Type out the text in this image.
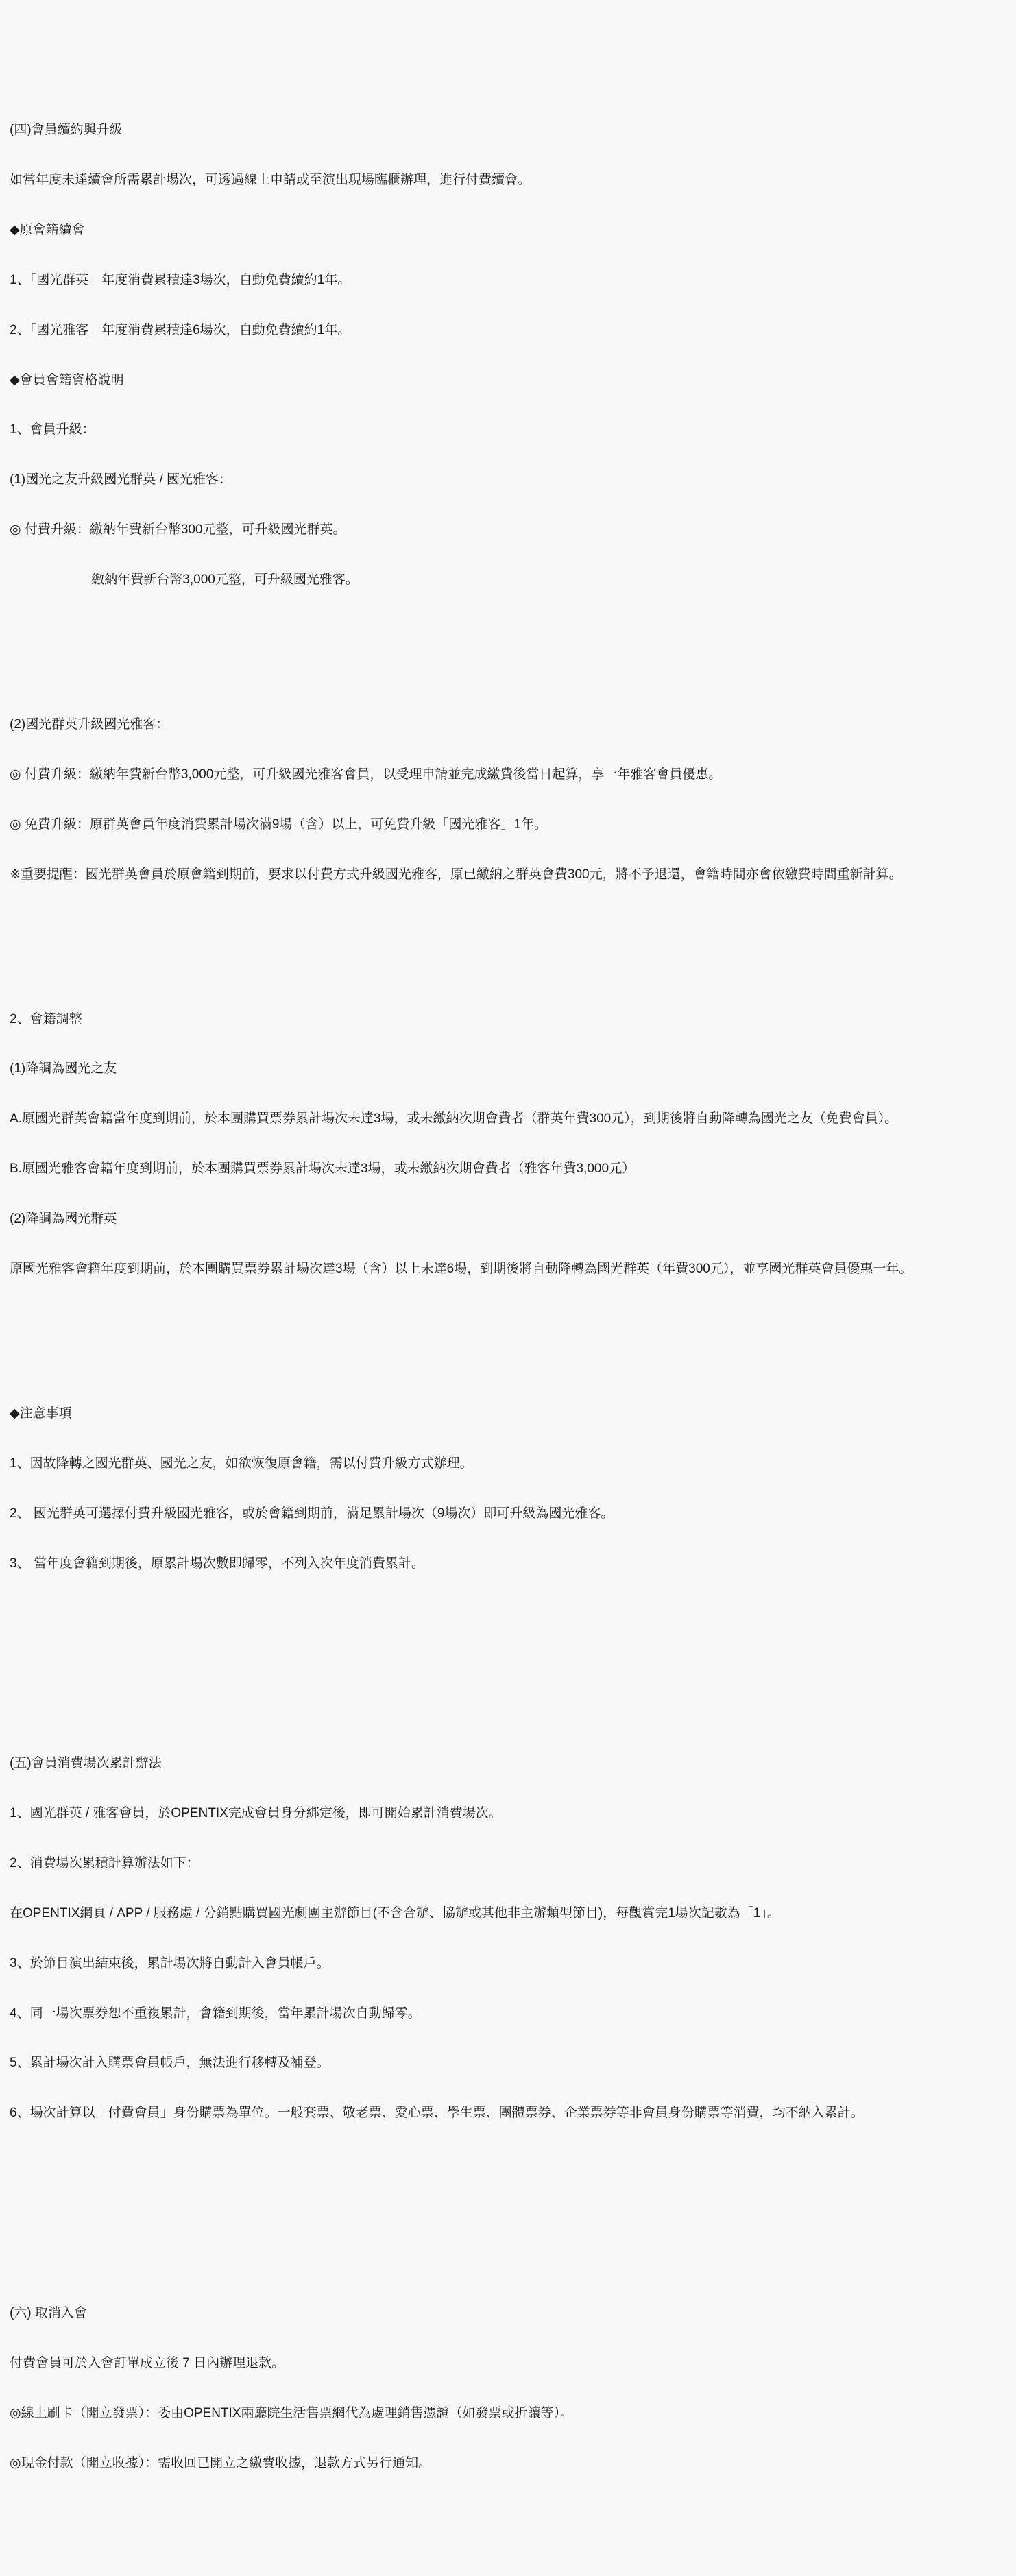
(四)會員續約與升級

如當年度未達續會所需累計場次，可透過線上申請或至演出現場臨櫃辦理，進行付費續會。

◆原會籍續會

1、「國光群英」年度消費累積達3場次，自動免費續約1年。

2、「國光雅客」年度消費累積達6場次，自動免費續約1年。

◆會員會籍資格說明

1、會員升級：

(1)國光之友升級國光群英 / 國光雅客：

◎ 付費升級：繳納年費新台幣300元整，可升級國光群英。

　　　　　　 繳納年費新台幣3,000元整，可升級國光雅客。

(2)國光群英升級國光雅客：

◎ 付費升級：繳納年費新台幣3,000元整，可升級國光雅客會員，以受理申請並完成繳費後當日起算，享一年雅客會員優惠。

◎ 免費升級：原群英會員年度消費累計場次滿9場（含）以上，可免費升級「國光雅客」1年。

※重要提醒：國光群英會員於原會籍到期前，要求以付費方式升級國光雅客，原已繳納之群英會費300元，將不予退還，會籍時間亦會依繳費時間重新計算。

2、會籍調整

(1)降調為國光之友

A.原國光群英會籍當年度到期前，於本團購買票券累計場次未達3場，或未繳納次期會費者（群英年費300元），到期後將自動降轉為國光之友（免費會員）。

B.原國光雅客會籍年度到期前，於本團購買票券累計場次未達3場，或未繳納次期會費者（雅客年費3,000元）

(2)降調為國光群英

原國光雅客會籍年度到期前，於本團購買票券累計場次達3場（含）以上未達6場，到期後將自動降轉為國光群英（年費300元），並享國光群英會員優惠一年。

◆注意事項

1、因故降轉之國光群英、國光之友，如欲恢復原會籍，需以付費升級方式辦理。

2、 國光群英可選擇付費升級國光雅客，或於會籍到期前，滿足累計場次（9場次）即可升級為國光雅客。

3、 當年度會籍到期後，原累計場次數即歸零，不列入次年度消費累計。

(五)會員消費場次累計辦法

1、國光群英 / 雅客會員，於OPENTIX完成會員身分綁定後，即可開始累計消費場次。

2、消費場次累積計算辦法如下：

在OPENTIX網頁 / APP / 服務處 / 分銷點購買國光劇團主辦節目(不含合辦、協辦或其他非主辦類型節目)，每觀賞完1場次記數為「1」。

3、於節目演出結束後，累計場次將自動計入會員帳戶。

4、同一場次票券恕不重複累計，會籍到期後，當年累計場次自動歸零。

5、累計場次計入購票會員帳戶，無法進行移轉及補登。

6、場次計算以「付費會員」身份購票為單位。一般套票、敬老票、愛心票、學生票、團體票券、企業票券等非會員身份購票等消費，均不納入累計。

(六) 取消入會

付費會員可於入會訂單成立後 7 日內辦理退款。

◎線上刷卡（開立發票）：委由OPENTIX兩廳院生活售票網代為處理銷售憑證（如發票或折讓等）。

◎現金付款（開立收據）：需收回已開立之繳費收據，退款方式另行通知。
